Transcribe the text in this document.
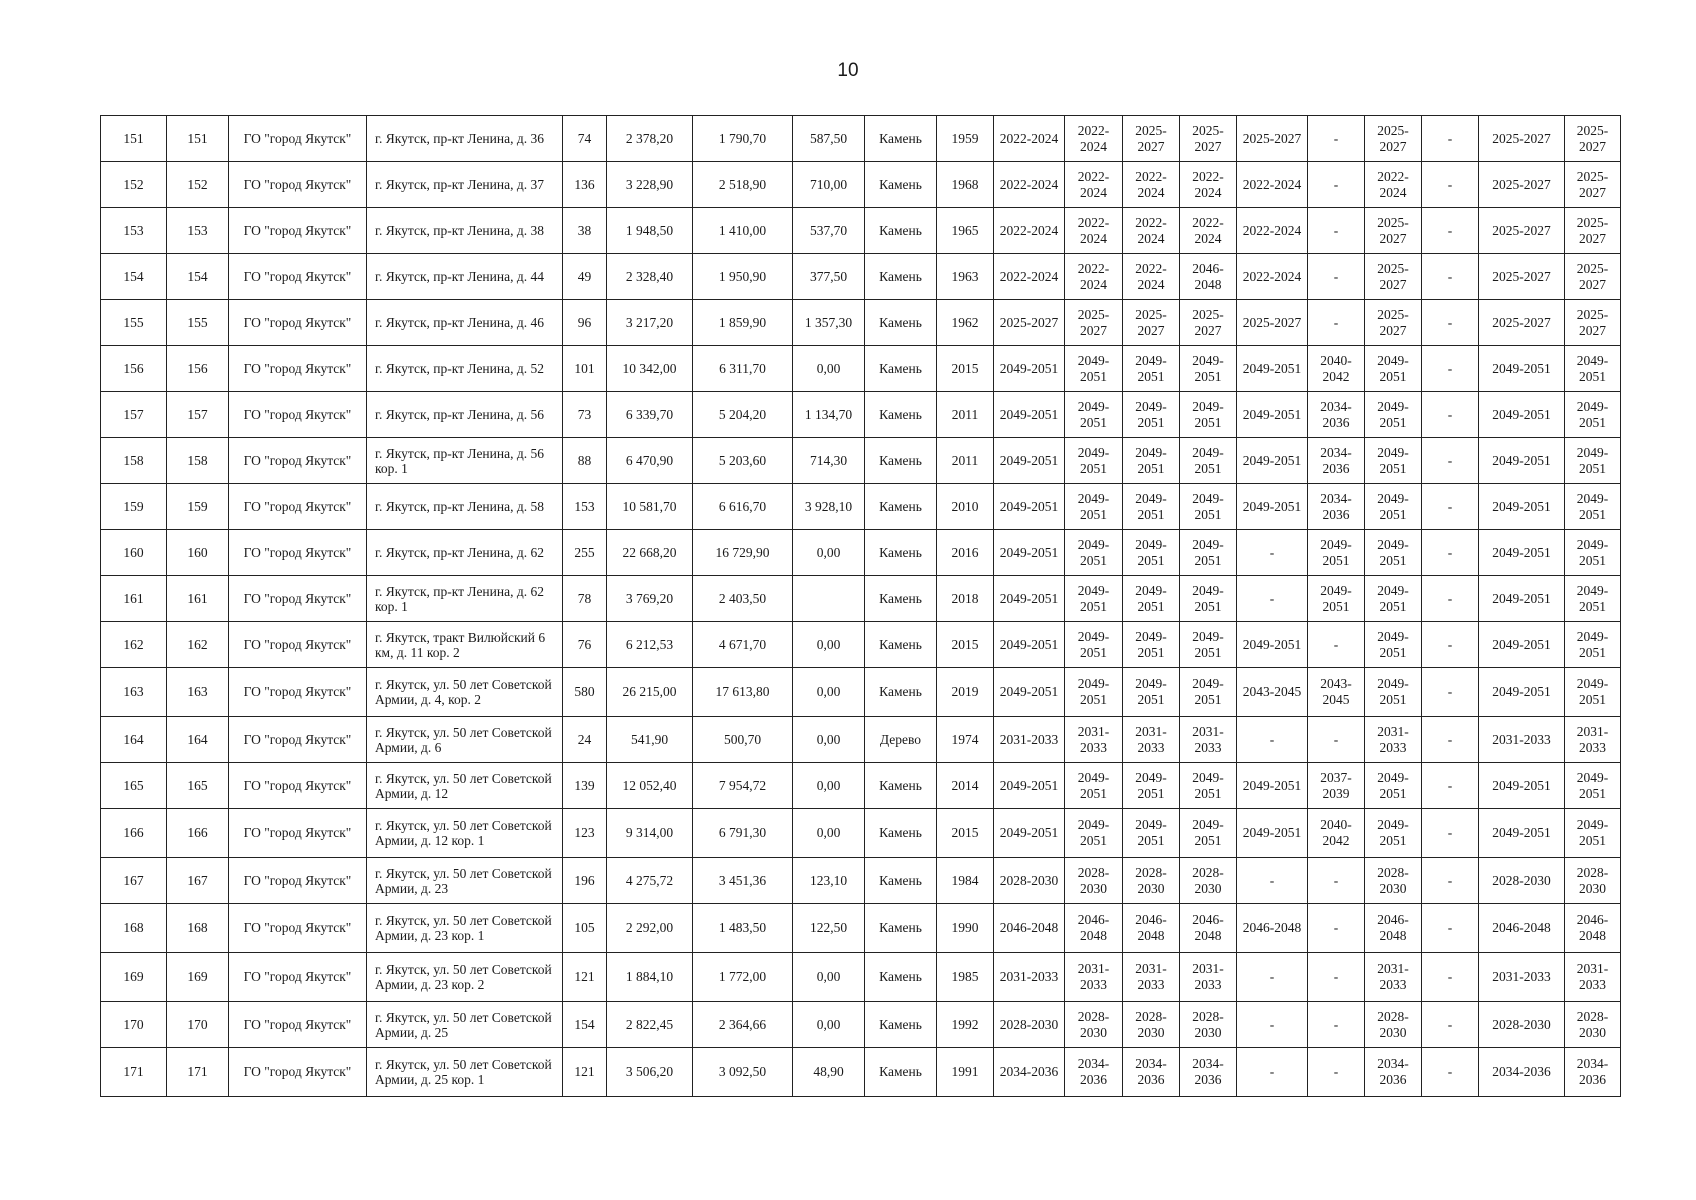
10
151	151	ГО "город Якутск"	г. Якутск, пр-кт Ленина, д. 36	74	2 378,20	1 790,70	587,50	Камень	1959	2022-2024	2022-2024	2025-2027	2025-2027	2025-2027	-	2025-2027	-	2025-2027	2025-2027
152	152	ГО "город Якутск"	г. Якутск, пр-кт Ленина, д. 37	136	3 228,90	2 518,90	710,00	Камень	1968	2022-2024	2022-2024	2022-2024	2022-2024	2022-2024	-	2022-2024	-	2025-2027	2025-2027
153	153	ГО "город Якутск"	г. Якутск, пр-кт Ленина, д. 38	38	1 948,50	1 410,00	537,70	Камень	1965	2022-2024	2022-2024	2022-2024	2022-2024	2022-2024	-	2025-2027	-	2025-2027	2025-2027
154	154	ГО "город Якутск"	г. Якутск, пр-кт Ленина, д. 44	49	2 328,40	1 950,90	377,50	Камень	1963	2022-2024	2022-2024	2022-2024	2046-2048	2022-2024	-	2025-2027	-	2025-2027	2025-2027
155	155	ГО "город Якутск"	г. Якутск, пр-кт Ленина, д. 46	96	3 217,20	1 859,90	1 357,30	Камень	1962	2025-2027	2025-2027	2025-2027	2025-2027	2025-2027	-	2025-2027	-	2025-2027	2025-2027
156	156	ГО "город Якутск"	г. Якутск, пр-кт Ленина, д. 52	101	10 342,00	6 311,70	0,00	Камень	2015	2049-2051	2049-2051	2049-2051	2049-2051	2049-2051	2040-2042	2049-2051	-	2049-2051	2049-2051
157	157	ГО "город Якутск"	г. Якутск, пр-кт Ленина, д. 56	73	6 339,70	5 204,20	1 134,70	Камень	2011	2049-2051	2049-2051	2049-2051	2049-2051	2049-2051	2034-2036	2049-2051	-	2049-2051	2049-2051
158	158	ГО "город Якутск"	г. Якутск, пр-кт Ленина, д. 56 кор. 1	88	6 470,90	5 203,60	714,30	Камень	2011	2049-2051	2049-2051	2049-2051	2049-2051	2049-2051	2034-2036	2049-2051	-	2049-2051	2049-2051
159	159	ГО "город Якутск"	г. Якутск, пр-кт Ленина, д. 58	153	10 581,70	6 616,70	3 928,10	Камень	2010	2049-2051	2049-2051	2049-2051	2049-2051	2049-2051	2034-2036	2049-2051	-	2049-2051	2049-2051
160	160	ГО "город Якутск"	г. Якутск, пр-кт Ленина, д. 62	255	22 668,20	16 729,90	0,00	Камень	2016	2049-2051	2049-2051	2049-2051	2049-2051	-	2049-2051	2049-2051	-	2049-2051	2049-2051
161	161	ГО "город Якутск"	г. Якутск, пр-кт Ленина, д. 62 кор. 1	78	3 769,20	2 403,50		Камень	2018	2049-2051	2049-2051	2049-2051	2049-2051	-	2049-2051	2049-2051	-	2049-2051	2049-2051
162	162	ГО "город Якутск"	г. Якутск, тракт Вилюйский 6 км, д. 11 кор. 2	76	6 212,53	4 671,70	0,00	Камень	2015	2049-2051	2049-2051	2049-2051	2049-2051	2049-2051	-	2049-2051	-	2049-2051	2049-2051
163	163	ГО "город Якутск"	г. Якутск, ул. 50 лет Советской Армии, д. 4, кор. 2	580	26 215,00	17 613,80	0,00	Камень	2019	2049-2051	2049-2051	2049-2051	2049-2051	2043-2045	2043-2045	2049-2051	-	2049-2051	2049-2051
164	164	ГО "город Якутск"	г. Якутск, ул. 50 лет Советской Армии, д. 6	24	541,90	500,70	0,00	Дерево	1974	2031-2033	2031-2033	2031-2033	2031-2033	-	-	2031-2033	-	2031-2033	2031-2033
165	165	ГО "город Якутск"	г. Якутск, ул. 50 лет Советской Армии, д. 12	139	12 052,40	7 954,72	0,00	Камень	2014	2049-2051	2049-2051	2049-2051	2049-2051	2049-2051	2037-2039	2049-2051	-	2049-2051	2049-2051
166	166	ГО "город Якутск"	г. Якутск, ул. 50 лет Советской Армии, д. 12 кор. 1	123	9 314,00	6 791,30	0,00	Камень	2015	2049-2051	2049-2051	2049-2051	2049-2051	2049-2051	2040-2042	2049-2051	-	2049-2051	2049-2051
167	167	ГО "город Якутск"	г. Якутск, ул. 50 лет Советской Армии, д. 23	196	4 275,72	3 451,36	123,10	Камень	1984	2028-2030	2028-2030	2028-2030	2028-2030	-	-	2028-2030	-	2028-2030	2028-2030
168	168	ГО "город Якутск"	г. Якутск, ул. 50 лет Советской Армии, д. 23 кор. 1	105	2 292,00	1 483,50	122,50	Камень	1990	2046-2048	2046-2048	2046-2048	2046-2048	2046-2048	-	2046-2048	-	2046-2048	2046-2048
169	169	ГО "город Якутск"	г. Якутск, ул. 50 лет Советской Армии, д. 23 кор. 2	121	1 884,10	1 772,00	0,00	Камень	1985	2031-2033	2031-2033	2031-2033	2031-2033	-	-	2031-2033	-	2031-2033	2031-2033
170	170	ГО "город Якутск"	г. Якутск, ул. 50 лет Советской Армии, д. 25	154	2 822,45	2 364,66	0,00	Камень	1992	2028-2030	2028-2030	2028-2030	2028-2030	-	-	2028-2030	-	2028-2030	2028-2030
171	171	ГО "город Якутск"	г. Якутск, ул. 50 лет Советской Армии, д. 25 кор. 1	121	3 506,20	3 092,50	48,90	Камень	1991	2034-2036	2034-2036	2034-2036	2034-2036	-	-	2034-2036	-	2034-2036	2034-2036
